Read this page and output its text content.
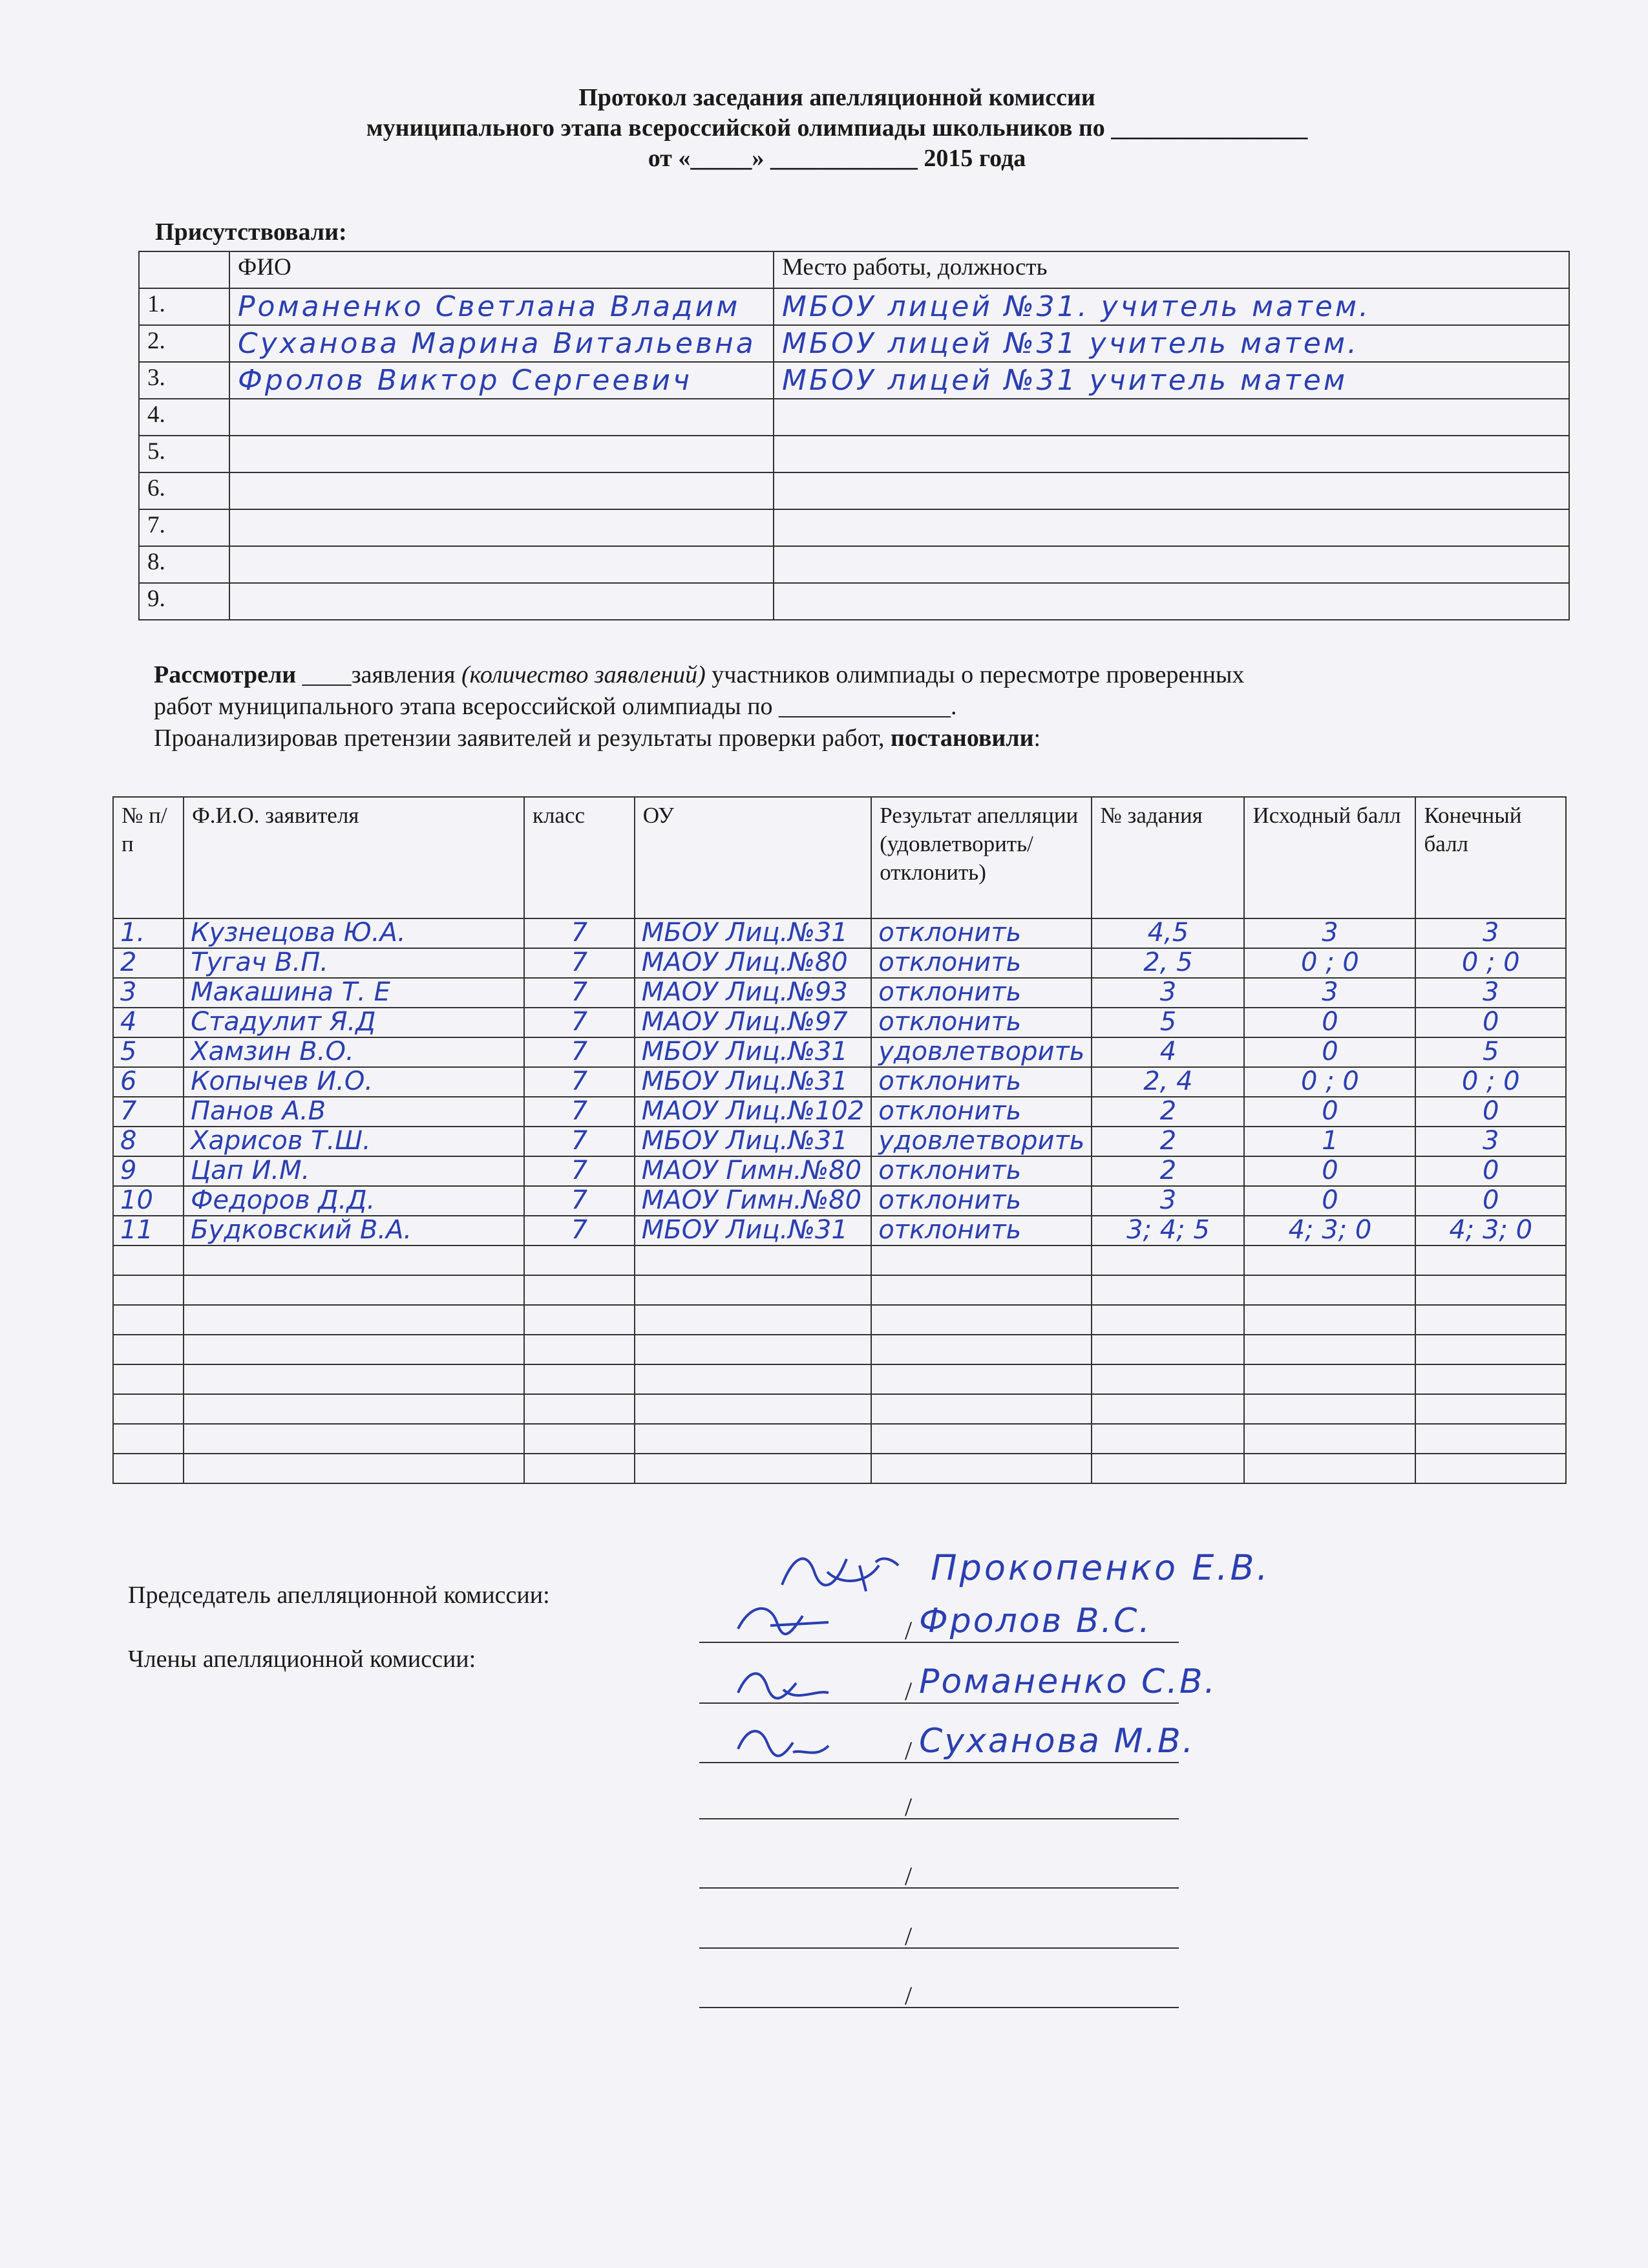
Протокол заседания апелляционной комиссии
муниципального этапа всероссийской олимпиады школьников по ________________
от «_____» ____________ 2015 года
Присутствовали:
	ФИО	Место работы, должность
1.	Романенко Светлана Владим	МБОУ лицей №31. учитель матем.
2.	Суханова Марина Витальевна	МБОУ лицей №31 учитель матем.
3.	Фролов Виктор Сергеевич	МБОУ лицей №31 учитель матем
4.		
5.		
6.		
7.		
8.		
9.		
Рассмотрели ____заявления (количество заявлений) участников олимпиады о пересмотре проверенных
работ муниципального этапа всероссийской олимпиады по ______________.
Проанализировав претензии заявителей и результаты проверки работ, постановили:
№ п/п	Ф.И.О. заявителя	класс	ОУ	Результат апелляции (удовлетворить/ отклонить)	№ задания	Исходный балл	Конечный балл
1.	Кузнецова Ю.А.	7	МБОУ Лиц.№31	отклонить	4,5	3	3
2	Тугач В.П.	7	МАОУ Лиц.№80	отклонить	2, 5	0 ; 0	0 ; 0
3	Макашина Т. Е	7	МАОУ Лиц.№93	отклонить	3	3	3
4	Стадулит Я.Д	7	МАОУ Лиц.№97	отклонить	5	0	0
5	Хамзин В.О.	7	МБОУ Лиц.№31	удовлетворить	4	0	5
6	Копычев И.О.	7	МБОУ Лиц.№31	отклонить	2, 4	0 ; 0	0 ; 0
7	Панов А.В	7	МАОУ Лиц.№102	отклонить	2	0	0
8	Харисов Т.Ш.	7	МБОУ Лиц.№31	удовлетворить	2	1	3
9	Цап И.М.	7	МАОУ Гимн.№80	отклонить	2	0	0
10	Федоров Д.Д.	7	МАОУ Гимн.№80	отклонить	3	0	0
11	Будковский В.А.	7	МБОУ Лиц.№31	отклонить	3; 4; 5	4; 3; 0	4; 3; 0

Председатель апелляционной комиссии:
Члены апелляционной комиссии:
Прокопенко Е.В.
/ Фролов В.С.
/ Романенко С.В.
/ Суханова М.В.
/
/
/
/
